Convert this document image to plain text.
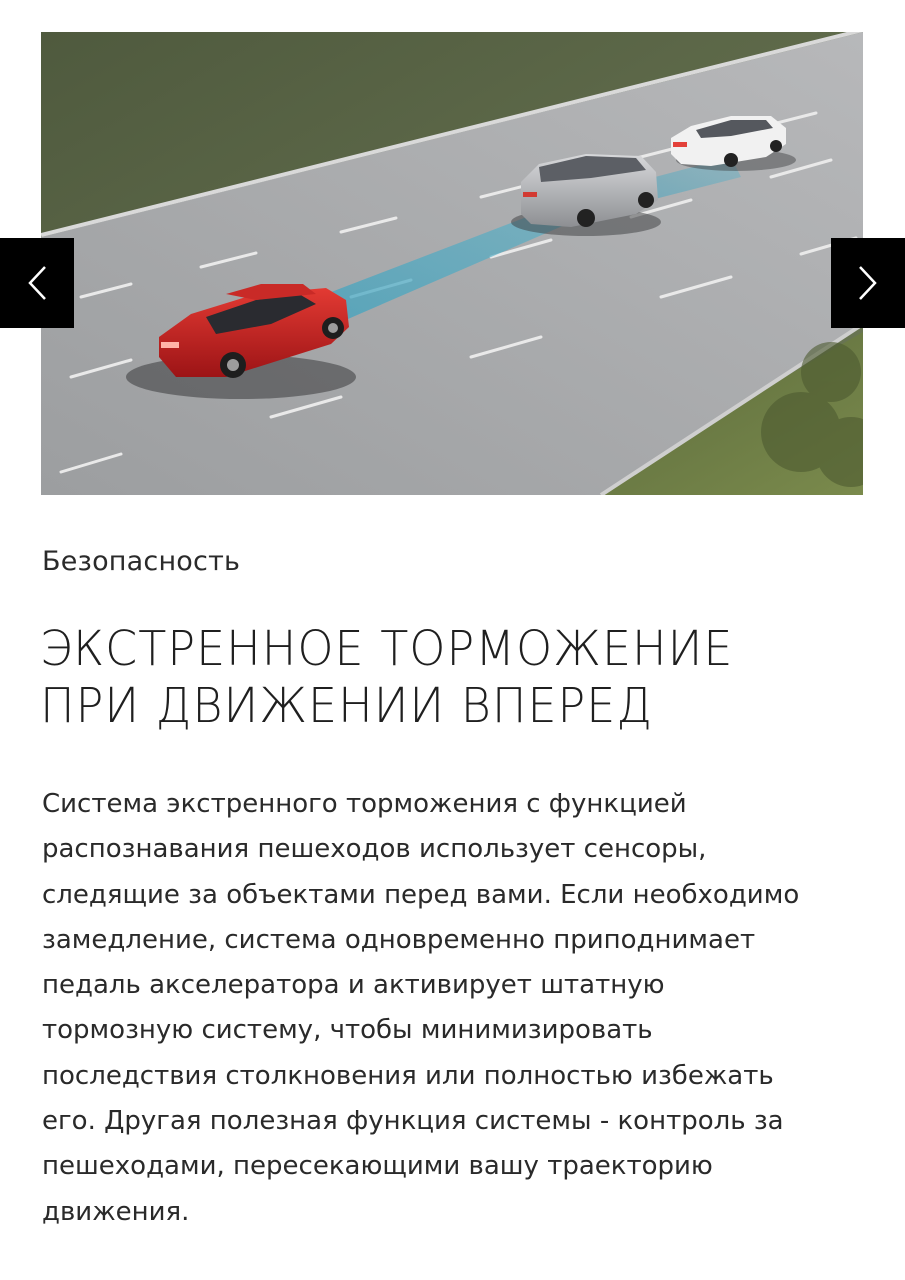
Безопасность
ЭКСТРЕННОЕ ТОРМОЖЕНИЕ
ПРИ ДВИЖЕНИИ ВПЕРЕД

Система экстренного торможения с функцией
распознавания пешеходов использует сенсоры,
следящие за объектами перед вами. Если необходимо
замедление, система одновременно приподнимает
педаль акселератора и активирует штатную
тормозную систему, чтобы минимизировать
последствия столкновения или полностью избежать
его. Другая полезная функция системы - контроль за
пешеходами, пересекающими вашу траекторию
движения.
